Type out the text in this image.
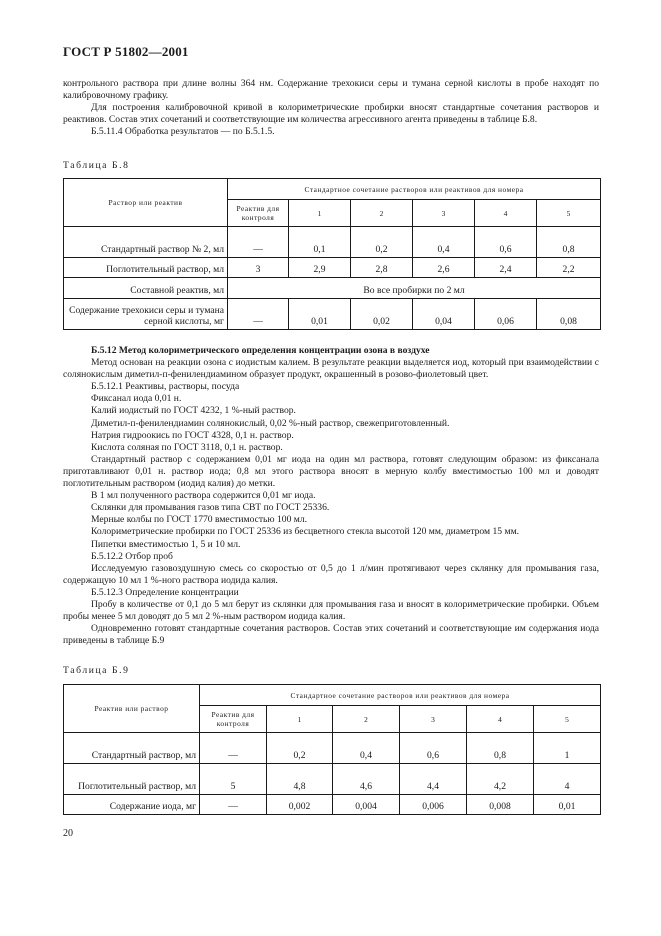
ГОСТ Р 51802—2001

контрольного раствора при длине волны 364 нм. Содержание трехокиси серы и тумана серной кислоты в пробе находят по калибровочному графику.

Для построения калибровочной кривой в колориметрические пробирки вносят стандартные сочетания растворов и реактивов. Состав этих сочетаний и соответствующие им количества агрессивного агента приведены в таблице Б.8.

Б.5.11.4 Обработка результатов — по Б.5.1.5.

Таблица Б.8
Раствор или реактив	Стандартное сочетание растворов или реактивов для номера					
	Реактив для контроля	1	2	3	4	5
Стандартный раствор № 2, мл	—	0,1	0,2	0,4	0,6	0,8
Поглотительный раствор, мл	3	2,9	2,8	2,6	2,4	2,2
Составной реактив, мл	Во все пробирки по 2 мл					
Содержание трехокиси серы и тумана серной кислоты, мг	—	0,01	0,02	0,04	0,06	0,08

Б.5.12 Метод колориметрического определения концентрации озона в воздухе

Метод основан на реакции озона с иодистым калием. В результате реакции выделяется иод, который при взаимодействии с солянокислым диметил-п-фенилендиамином образует продукт, окрашенный в розово-фиолетовый цвет.

Б.5.12.1 Реактивы, растворы, посуда

Фиксанал иода 0,01 н.

Калий иодистый по ГОСТ 4232, 1 %-ный раствор.

Диметил-п-фенилендиамин солянокислый, 0,02 %-ный раствор, свежеприготовленный.

Натрия гидроокись по ГОСТ 4328, 0,1 н. раствор.

Кислота соляная по ГОСТ 3118, 0,1 н. раствор.

Стандартный раствор с содержанием 0,01 мг иода на один мл раствора, готовят следующим образом: из фиксанала приготавливают 0,01 н. раствор иода; 0,8 мл этого раствора вносят в мерную колбу вместимостью 100 мл и доводят поглотительным раствором (иодид калия) до метки.

В 1 мл полученного раствора содержится 0,01 мг иода.

Склянки для промывания газов типа СВТ по ГОСТ 25336.

Мерные колбы по ГОСТ 1770 вместимостью 100 мл.

Колориметрические пробирки по ГОСТ 25336 из бесцветного стекла высотой 120 мм, диаметром 15 мм.

Пипетки вместимостью 1, 5 и 10 мл.

Б.5.12.2 Отбор проб

Исследуемую газовоздушную смесь со скоростью от 0,5 до 1 л/мин протягивают через склянку для промывания газа, содержащую 10 мл 1 %-ного раствора иодида калия.

Б.5.12.3 Определение концентрации

Пробу в количестве от 0,1 до 5 мл берут из склянки для промывания газа и вносят в колориметрические пробирки. Объем пробы менее 5 мл доводят до 5 мл 2 %-ным раствором иодида калия.

Одновременно готовят стандартные сочетания растворов. Состав этих сочетаний и соответствующие им содержания иода приведены в таблице Б.9

Таблица Б.9
Реактив или раствор	Стандартное сочетание растворов или реактивов для номера					
	Реактив для контроля	1	2	3	4	5
Стандартный раствор, мл	—	0,2	0,4	0,6	0,8	1
Поглотительный раствор, мл	5	4,8	4,6	4,4	4,2	4
Содержание иода, мг	—	0,002	0,004	0,006	0,008	0,01
20
